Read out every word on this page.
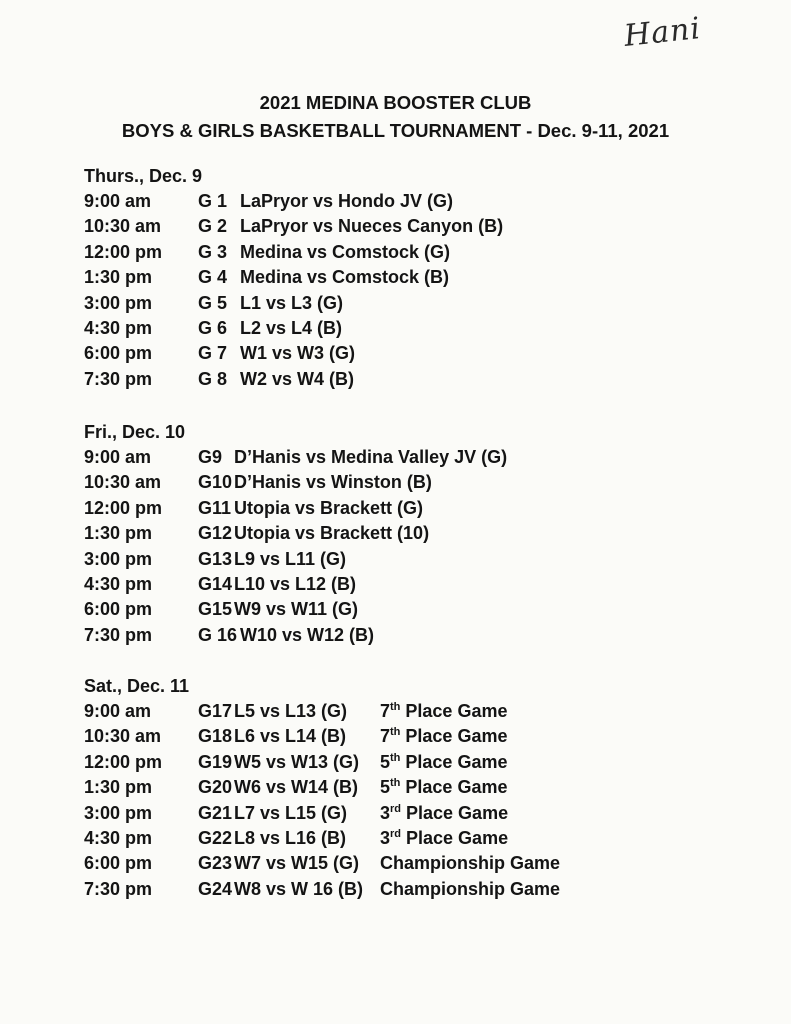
Hani
2021 MEDINA BOOSTER CLUB
BOYS & GIRLS BASKETBALL TOURNAMENT - Dec. 9-11, 2021
Thurs., Dec. 9
9:00 am	G 1 LaPryor vs Hondo JV (G)
10:30 am G 2 LaPryor vs Nueces Canyon (B)
12:00 pm G 3 Medina vs Comstock (G)
1:30 pm	G 4 Medina vs Comstock (B)
3:00 pm	G 5 L1 vs L3 (G)
4:30 pm	G 6 L2 vs L4 (B)
6:00 pm	G 7 W1 vs W3 (G)
7:30 pm	G 8 W2 vs W4 (B)
Fri., Dec. 10
9:00 am	G9 D’Hanis vs Medina Valley JV (G)
10:30 am G10 D’Hanis vs Winston (B)
12:00 pm G11 Utopia vs Brackett (G)
1:30 pm	G12 Utopia vs Brackett (10)
3:00 pm	G13 L9 vs L11 (G)
4:30 pm	G14 L10 vs L12 (B)
6:00 pm	G15 W9 vs W11 (G)
7:30 pm	G 16 W10 vs W12 (B)
Sat., Dec. 11
9:00 am	G17 L5 vs L13 (G) 7th Place Game
10:30 am G18 L6 vs L14 (B) 7th Place Game
12:00 pm G19 W5 vs W13 (G) 5th Place Game
1:30 pm	G20 W6 vs W14 (B) 5th Place Game
3:00 pm	G21 L7 vs L15 (G) 3rd Place Game
4:30 pm	G22 L8 vs L16 (B) 3rd Place Game
6:00 pm	G23 W7 vs W15 (G) Championship Game
7:30 pm	G24 W8 vs W 16 (B) Championship Game
